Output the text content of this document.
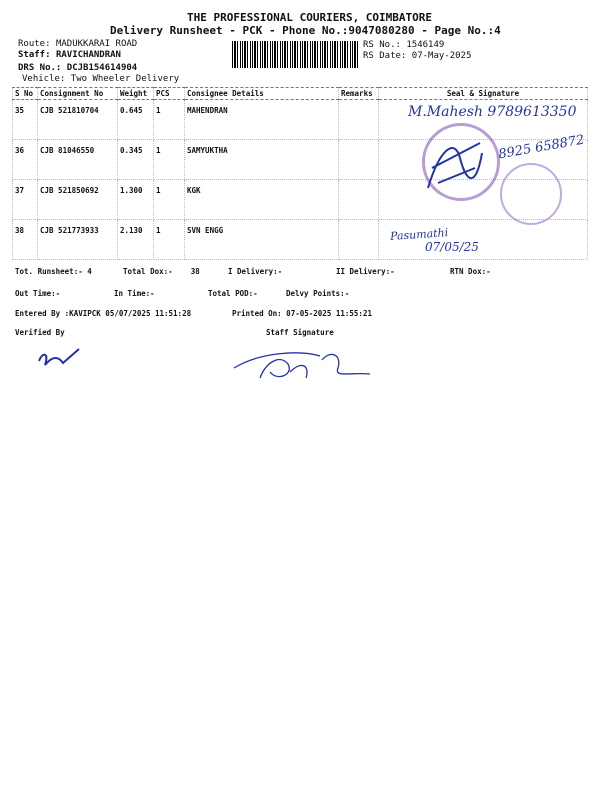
THE PROFESSIONAL COURIERS, COIMBATORE
Delivery Runsheet - PCK - Phone No.:9047080280 - Page No.:4
Route: MADUKKARAI ROAD
Staff: RAVICHANDRAN
DRS No.: DCJB154614904
Vehicle: Two Wheeler Delivery
RS No.: 1546149
RS Date: 07-May-2025
S No	Consignment No	Weight	PCS	Consignee Details	Remarks	Seal & Signature
35	CJB 521810704	0.645	1	MAHENDRAN		
36	CJB 81046550	0.345	1	SAMYUKTHA		
37	CJB 521850692	1.300	1	KGK		
38	CJB 521773933	2.130	1	SVN ENGG		
M.Mahesh 9789613350
8925 658872
Pasumathi
07/05/25
Tot. Runsheet:- 4	Total Dox:- 38	I Delivery:-	II Delivery:-	RTN Dox:-
Out Time:-	In Time:-	Total POD:-	Delvy Points:-
Entered By :KAVIPCK 05/07/2025 11:51:28	Printed On: 07-05-2025 11:55:21
Verified By	Staff Signature
